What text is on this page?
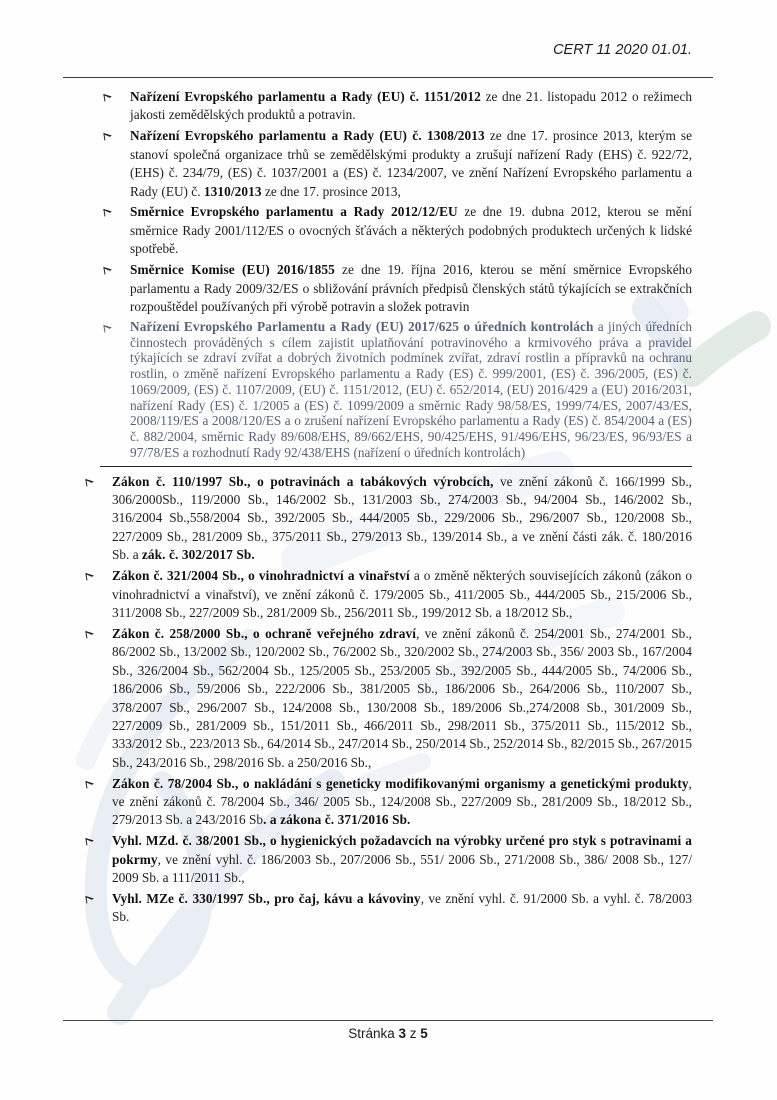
CERT 11 2020 01.01.
Nařízení Evropského parlamentu a Rady (EU) č. 1151/2012 ze dne 21. listopadu 2012 o režimech jakosti zemědělských produktů a potravin.
Nařízení Evropského parlamentu a Rady (EU) č. 1308/2013 ze dne 17. prosince 2013, kterým se stanoví společná organizace trhů se zemědělskými produkty a zrušují nařízení Rady (EHS) č. 922/72, (EHS) č. 234/79, (ES) č. 1037/2001 a (ES) č. 1234/2007, ve znění Nařízení Evropského parlamentu a Rady (EU) č. 1310/2013 ze dne 17. prosince 2013,
Směrnice Evropského parlamentu a Rady 2012/12/EU ze dne 19. dubna 2012, kterou se mění směrnice Rady 2001/112/ES o ovocných šťávách a některých podobných produktech určených k lidské spotřebě.
Směrnice Komise (EU) 2016/1855 ze dne 19. října 2016, kterou se mění směrnice Evropského parlamentu a Rady 2009/32/ES o sbližování právních předpisů členských států týkajících se extrakčních rozpouštědel používaných při výrobě potravin a složek potravin
Nařízení Evropského Parlamentu a Rady (EU) 2017/625 o úředních kontrolách a jiných úředních činnostech prováděných s cílem zajistit uplatňování potravinového a krmivového práva a pravidel týkajících se zdraví zvířat a dobrých životních podmínek zvířat, zdraví rostlin a přípravků na ochranu rostlin, o změně nařízení Evropského parlamentu a Rady (ES) č. 999/2001, (ES) č. 396/2005, (ES) č. 1069/2009, (ES) č. 1107/2009, (EU) č. 1151/2012, (EU) č. 652/2014, (EU) 2016/429 a (EU) 2016/2031, nařízení Rady (ES) č. 1/2005 a (ES) č. 1099/2009 a směrnic Rady 98/58/ES, 1999/74/ES, 2007/43/ES, 2008/119/ES a 2008/120/ES a o zrušení nařízení Evropského parlamentu a Rady (ES) č. 854/2004 a (ES) č. 882/2004, směrnic Rady 89/608/EHS, 89/662/EHS, 90/425/EHS, 91/496/EHS, 96/23/ES, 96/93/ES a 97/78/ES a rozhodnutí Rady 92/438/EHS (nařízení o úředních kontrolách)
Zákon č. 110/1997 Sb., o potravinách a tabákových výrobcích, ve znění zákonů č. 166/1999 Sb., 306/2000Sb., 119/2000 Sb., 146/2002 Sb., 131/2003 Sb., 274/2003 Sb., 94/2004 Sb., 146/2002 Sb., 316/2004 Sb.,558/2004 Sb., 392/2005 Sb., 444/2005 Sb., 229/2006 Sb., 296/2007 Sb., 120/2008 Sb., 227/2009 Sb., 281/2009 Sb., 375/2011 Sb., 279/2013 Sb., 139/2014 Sb., a ve znění části zák. č. 180/2016 Sb. a zák. č. 302/2017 Sb.
Zákon č. 321/2004 Sb., o vinohradnictví a vinařství a o změně některých souvisejících zákonů (zákon o vinohradnictví a vinařství), ve znění zákonů č. 179/2005 Sb., 411/2005 Sb., 444/2005 Sb., 215/2006 Sb., 311/2008 Sb., 227/2009 Sb., 281/2009 Sb., 256/2011 Sb., 199/2012 Sb. a 18/2012 Sb.,
Zákon č. 258/2000 Sb., o ochraně veřejného zdraví, ve znění zákonů č. 254/2001 Sb., 274/2001 Sb., 86/2002 Sb., 13/2002 Sb., 120/2002 Sb., 76/2002 Sb., 320/2002 Sb., 274/2003 Sb., 356/ 2003 Sb., 167/2004 Sb., 326/2004 Sb., 562/2004 Sb., 125/2005 Sb., 253/2005 Sb., 392/2005 Sb., 444/2005 Sb., 74/2006 Sb., 186/2006 Sb., 59/2006 Sb., 222/2006 Sb., 381/2005 Sb., 186/2006 Sb., 264/2006 Sb., 110/2007 Sb., 378/2007 Sb., 296/2007 Sb., 124/2008 Sb., 130/2008 Sb., 189/2006 Sb.,274/2008 Sb., 301/2009 Sb., 227/2009 Sb., 281/2009 Sb., 151/2011 Sb., 466/2011 Sb., 298/2011 Sb., 375/2011 Sb., 115/2012 Sb., 333/2012 Sb., 223/2013 Sb., 64/2014 Sb., 247/2014 Sb., 250/2014 Sb., 252/2014 Sb., 82/2015 Sb., 267/2015 Sb., 243/2016 Sb., 298/2016 Sb. a 250/2016 Sb.,
Zákon č. 78/2004 Sb., o nakládání s geneticky modifikovanými organismy a genetickými produkty, ve znění zákonů č. 78/2004 Sb., 346/ 2005 Sb., 124/2008 Sb., 227/2009 Sb., 281/2009 Sb., 18/2012 Sb., 279/2013 Sb. a 243/2016 Sb. a zákona č. 371/2016 Sb.
Vyhl. MZd. č. 38/2001 Sb., o hygienických požadavcích na výrobky určené pro styk s potravinami a pokrmy, ve znění vyhl. č. 186/2003 Sb., 207/2006 Sb., 551/ 2006 Sb., 271/2008 Sb., 386/ 2008 Sb., 127/ 2009 Sb. a 111/2011 Sb.,
Vyhl. MZe č. 330/1997 Sb., pro čaj, kávu a kávoviny, ve znění vyhl. č. 91/2000 Sb. a vyhl. č. 78/2003 Sb.
Stránka 3 z 5
